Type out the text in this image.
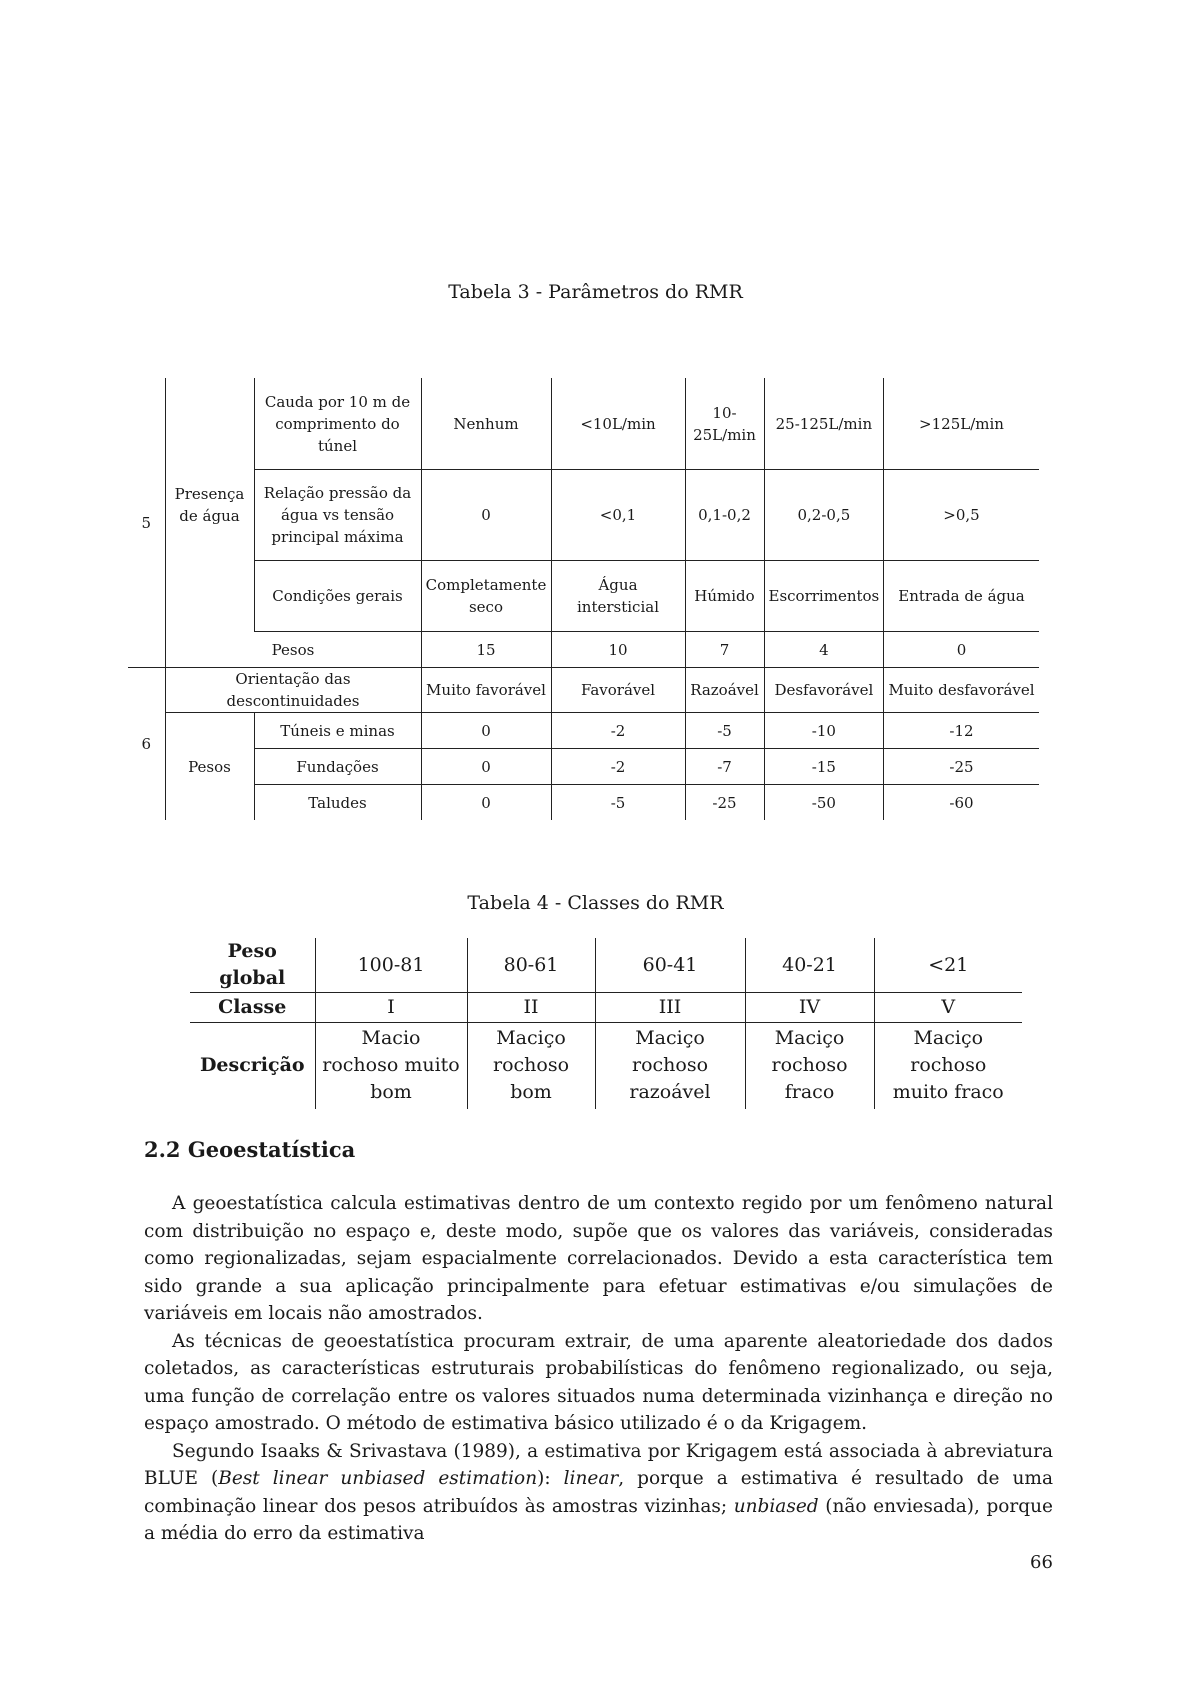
Tabela 3 - Parâmetros do RMR
5	Presença de água	Cauda por 10 m de comprimento do túnel	Nenhum	<10L/min	10-25L/min	25-125L/min	>125L/min
		Relação pressão da água vs tensão principal máxima	0	<0,1	0,1-0,2	0,2-0,5	>0,5
		Condições gerais	Completamente seco	Água intersticial	Húmido	Escorrimentos	Entrada de água
	Pesos		15	10	7	4	0
6	Orientação das descontinuidades		Muito favorável	Favorável	Razoável	Desfavorável	Muito desfavorável
	Pesos	Túneis e minas	0	-2	-5	-10	-12
		Fundações	0	-2	-7	-15	-25
		Taludes	0	-5	-25	-50	-60
Tabela 4 - Classes do RMR
Peso global	100-81	80-61	60-41	40-21	<21
Classe	I	II	III	IV	V
Descrição	Macio rochoso muito bom	Maciço rochoso bom	Maciço rochoso razoável	Maciço rochoso fraco	Maciço rochoso muito fraco
2.2 Geoestatística

A geoestatística calcula estimativas dentro de um contexto regido por um fenômeno natural com distribuição no espaço e, deste modo, supõe que os valores das variáveis, consideradas como regionalizadas, sejam espacialmente correlacionados. Devido a esta característica tem sido grande a sua aplicação principalmente para efetuar estimativas e/ou simulações de variáveis em locais não amostrados.

As técnicas de geoestatística procuram extrair, de uma aparente aleatoriedade dos dados coletados, as características estruturais probabilísticas do fenômeno regionalizado, ou seja, uma função de correlação entre os valores situados numa determinada vizinhança e direção no espaço amostrado. O método de estimativa básico utilizado é o da Krigagem.

Segundo Isaaks & Srivastava (1989), a estimativa por Krigagem está associada à abreviatura BLUE (Best linear unbiased estimation): linear, porque a estimativa é resultado de uma combinação linear dos pesos atribuídos às amostras vizinhas; unbiased (não enviesada), porque a média do erro da estimativa

66
